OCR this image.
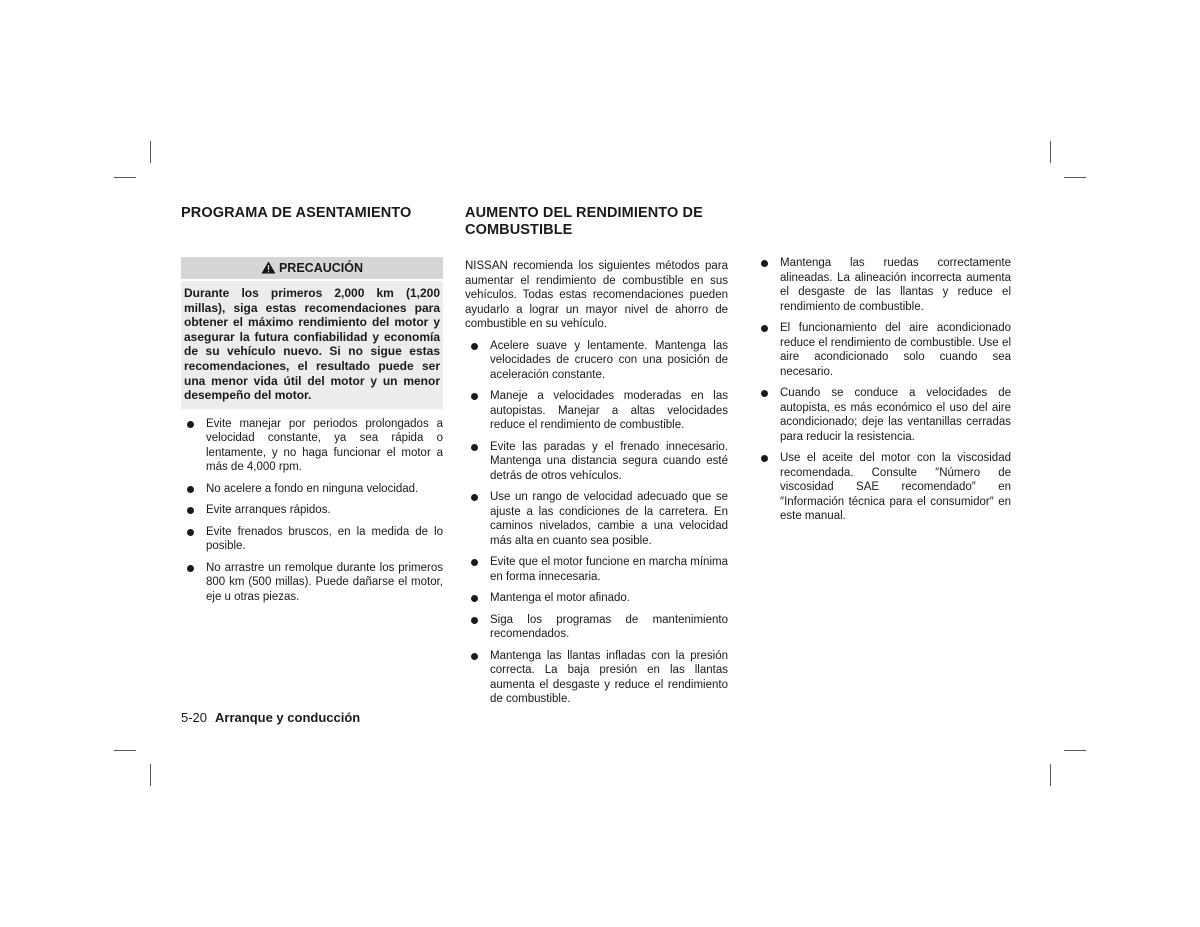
PROGRAMA DE ASENTAMIENTO
PRECAUCIÓN
Durante los primeros 2,000 km (1,200 millas), siga estas recomendaciones para obtener el máximo rendimiento del motor y asegurar la futura confiabilidad y economía de su vehículo nuevo. Si no sigue estas recomendaciones, el resultado puede ser una menor vida útil del motor y un menor desempeño del motor.
Evite manejar por periodos prolongados a velocidad constante, ya sea rápida o lentamente, y no haga funcionar el motor a más de 4,000 rpm.
No acelere a fondo en ninguna velocidad.
Evite arranques rápidos.
Evite frenados bruscos, en la medida de lo posible.
No arrastre un remolque durante los primeros 800 km (500 millas). Puede dañarse el motor, eje u otras piezas.
AUMENTO DEL RENDIMIENTO DE COMBUSTIBLE

NISSAN recomienda los siguientes métodos para aumentar el rendimiento de combustible en sus vehículos. Todas estas recomendaciones pueden ayudarlo a lograr un mayor nivel de ahorro de combustible en su vehículo.

Acelere suave y lentamente. Mantenga las velocidades de crucero con una posición de aceleración constante.
Maneje a velocidades moderadas en las autopistas. Manejar a altas velocidades reduce el rendimiento de combustible.
Evite las paradas y el frenado innecesario. Mantenga una distancia segura cuando esté detrás de otros vehículos.
Use un rango de velocidad adecuado que se ajuste a las condiciones de la carretera. En caminos nivelados, cambie a una velocidad más alta en cuanto sea posible.
Evite que el motor funcione en marcha mínima en forma innecesaria.
Mantenga el motor afinado.
Siga los programas de mantenimiento recomendados.
Mantenga las llantas infladas con la presión correcta. La baja presión en las llantas aumenta el desgaste y reduce el rendimiento de combustible.
Mantenga las ruedas correctamente alineadas. La alineación incorrecta aumenta el desgaste de las llantas y reduce el rendimiento de combustible.
El funcionamiento del aire acondicionado reduce el rendimiento de combustible. Use el aire acondicionado solo cuando sea necesario.
Cuando se conduce a velocidades de autopista, es más económico el uso del aire acondicionado; deje las ventanillas cerradas para reducir la resistencia.
Use el aceite del motor con la viscosidad recomendada. Consulte ″Número de viscosidad SAE recomendado″ en ″Información técnica para el consumidor″ en este manual.
5-20 Arranque y conducción
